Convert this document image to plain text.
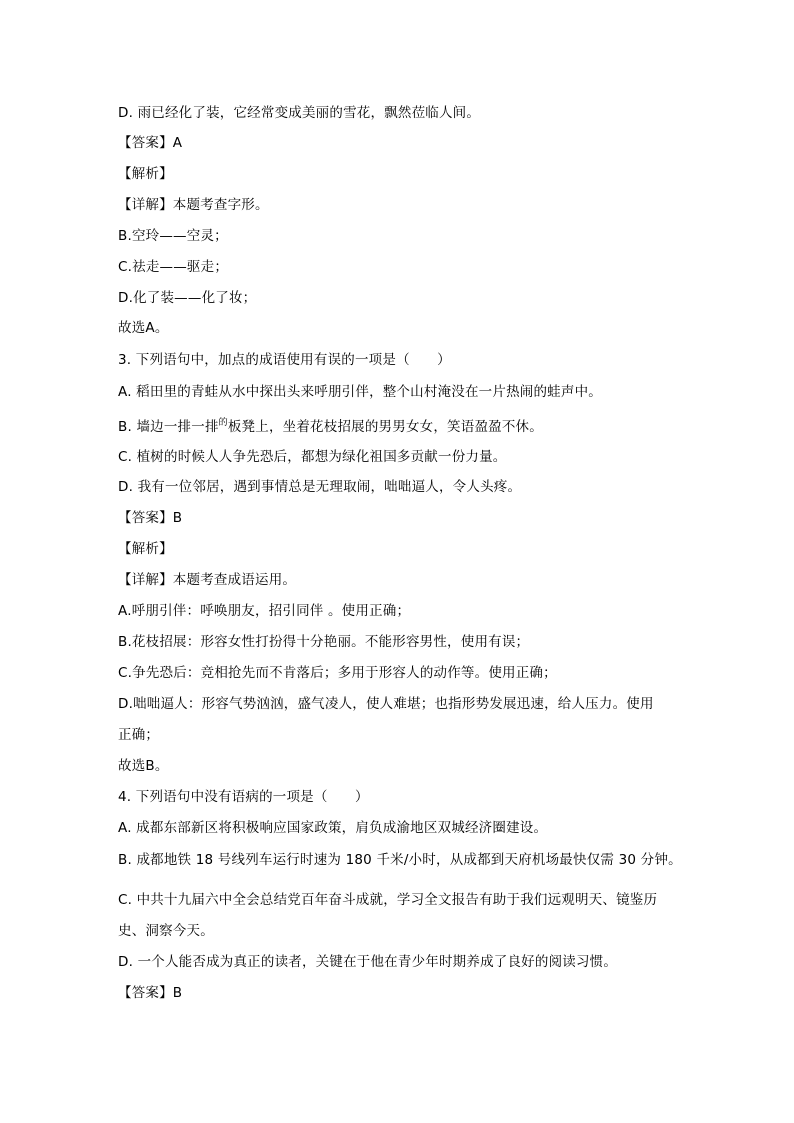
D. 雨已经化了装，它经常变成美丽的雪花，飘然莅临人间。
【答案】A
【解析】
【详解】本题考查字形。
B.空玲——空灵；
C.祛走——驱走；
D.化了装——化了妆；
故选A。
3. 下列语句中，加点的成语使用有误的一项是（　　）
A. 稻田里的青蛙从水中探出头来呼朋引伴，整个山村淹没在一片热闹的蛙声中。
B. 墙边一排一排$^的$板凳上，坐着花枝招展的男男女女，笑语盈盈不休。
C. 植树的时候人人争先恐后，都想为绿化祖国多贡献一份力量。
D. 我有一位邻居，遇到事情总是无理取闹，咄咄逼人，令人头疼。
【答案】B
【解析】
【详解】本题考查成语运用。
A.呼朋引伴：呼唤朋友，招引同伴 。使用正确；
B.花枝招展：形容女性打扮得十分艳丽。不能形容男性，使用有误；
C.争先恐后：竞相抢先而不肯落后；多用于形容人的动作等。使用正确；
D.咄咄逼人：形容气势汹汹，盛气凌人，使人难堪；也指形势发展迅速，给人压力。使用
正确；
故选B。
4. 下列语句中没有语病的一项是（　　）
A. 成都东部新区将积极响应国家政策，肩负成渝地区双城经济圈建设。
B. 成都地铁 18 号线列车运行时速为 180 千米/小时，从成都到天府机场最快仅需 30 分钟。
C. 中共十九届六中全会总结党百年奋斗成就，学习全文报告有助于我们远观明天、镜鉴历
史、洞察今天。
D. 一个人能否成为真正的读者，关键在于他在青少年时期养成了良好的阅读习惯。
【答案】B
